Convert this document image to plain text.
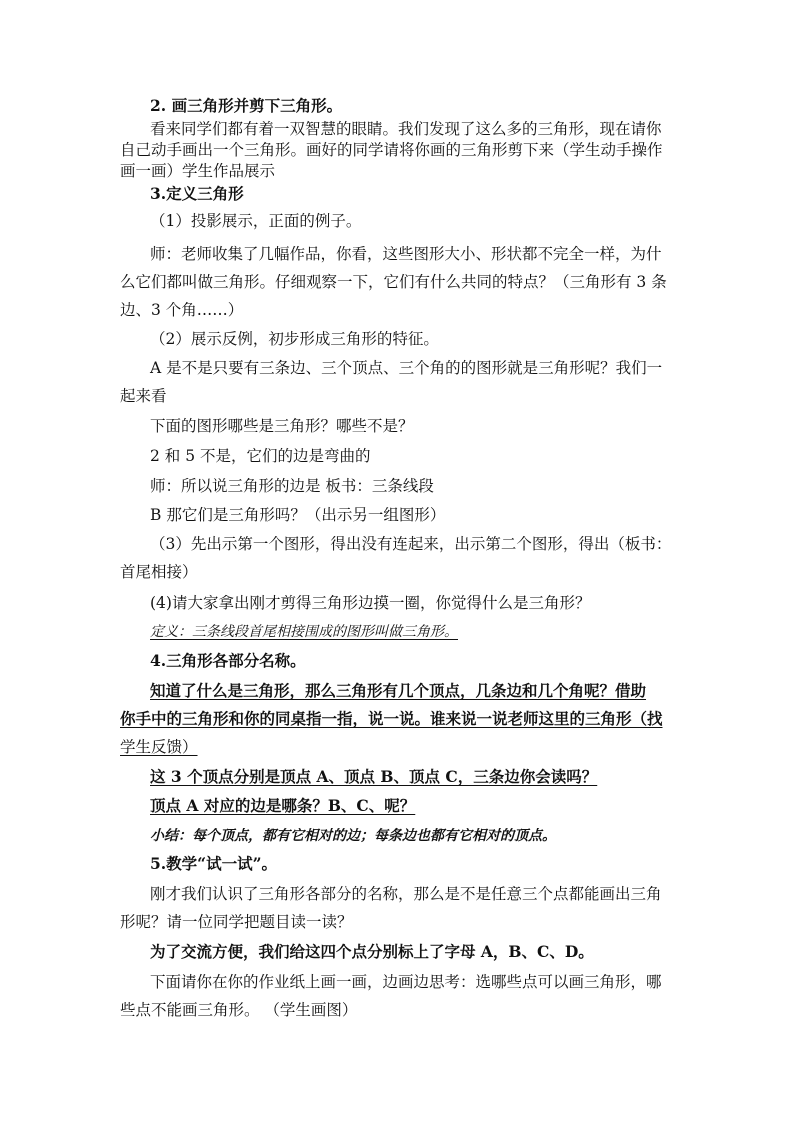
2. 画三角形并剪下三角形。
看来同学们都有着一双智慧的眼睛。我们发现了这么多的三角形，现在请你
自己动手画出一个三角形。画好的同学请将你画的三角形剪下来（学生动手操作
画一画）学生作品展示
3.定义三角形
（1）投影展示，正面的例子。
师：老师收集了几幅作品，你看，这些图形大小、形状都不完全一样，为什
么它们都叫做三角形。仔细观察一下，它们有什么共同的特点？（三角形有 3 条
边、3 个角……）
（2）展示反例，初步形成三角形的特征。
A 是不是只要有三条边、三个顶点、三个角的的图形就是三角形呢？我们一
起来看
下面的图形哪些是三角形？哪些不是？
2 和 5 不是，它们的边是弯曲的
师：所以说三角形的边是 板书：三条线段
B 那它们是三角形吗？（出示另一组图形）
（3）先出示第一个图形，得出没有连起来，出示第二个图形，得出（板书：
首尾相接）
(4)请大家拿出刚才剪得三角形边摸一圈，你觉得什么是三角形？
定义：三条线段首尾相接围成的图形叫做三角形。
4.三角形各部分名称。
知道了什么是三角形，那么三角形有几个顶点，几条边和几个角呢？借助
你手中的三角形和你的同桌指一指，说一说。谁来说一说老师这里的三角形（找
学生反馈）
这 3 个顶点分别是顶点 A、顶点 B、顶点 C，三条边你会读吗？
顶点 A 对应的边是哪条？B、C、呢？
小结：每个顶点，都有它相对的边；每条边也都有它相对的顶点。
5.教学“试一试”。
刚才我们认识了三角形各部分的名称，那么是不是任意三个点都能画出三角
形呢？请一位同学把题目读一读？
为了交流方便，我们给这四个点分别标上了字母 A，B、C、D。
下面请你在你的作业纸上画一画，边画边思考：选哪些点可以画三角形，哪
些点不能画三角形。 （学生画图）
